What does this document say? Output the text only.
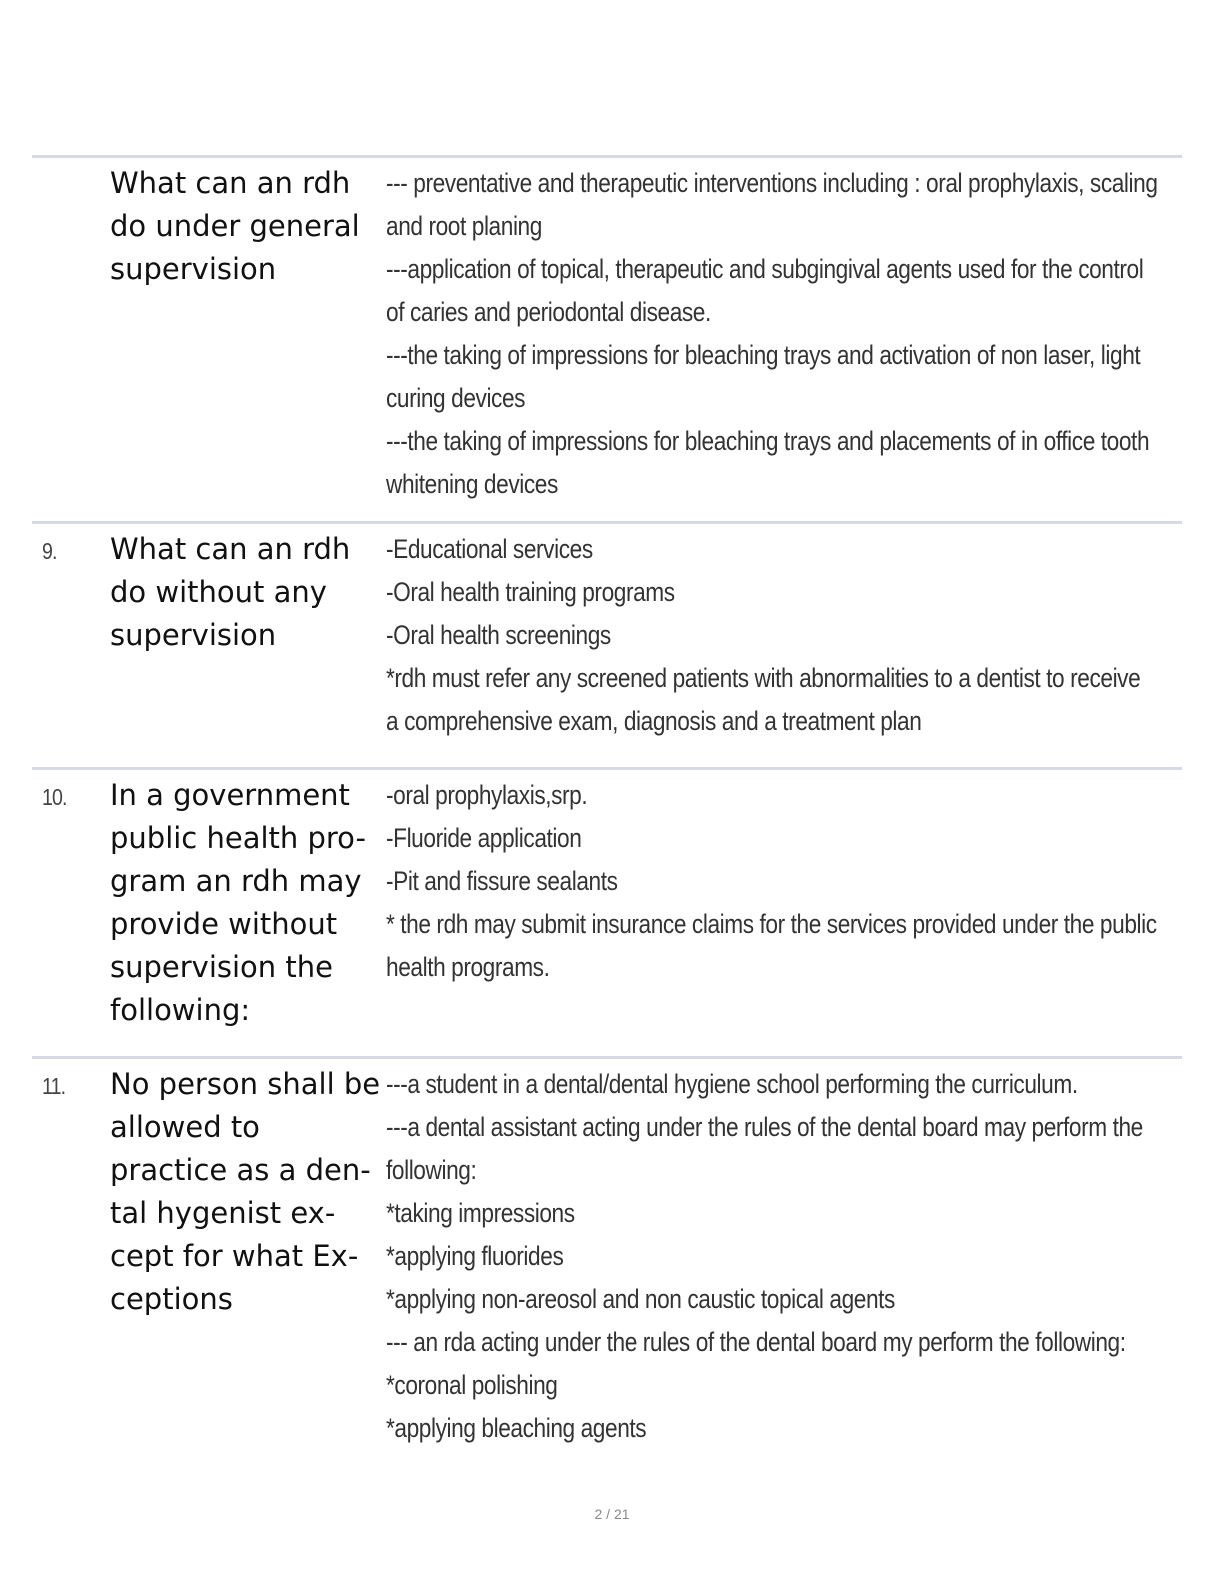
What can an rdh do under general supervision
--- preventative and therapeutic interventions including : oral prophylaxis, scaling
and root planing
---application of topical, therapeutic and subgingival agents used for the control
of caries and periodontal disease.
---the taking of impressions for bleaching trays and activation of non laser, light
curing devices
---the taking of impressions for bleaching trays and placements of in office tooth
whitening devices
9. What can an rdh do without any supervision
-Educational services
-Oral health training programs
-Oral health screenings
*rdh must refer any screened patients with abnormalities to a dentist to receive
a comprehensive exam, diagnosis and a treatment plan
10. In a government public health pro-gram an rdh may provide without supervision the following:
-oral prophylaxis,srp.
-Fluoride application
-Pit and fissure sealants
* the rdh may submit insurance claims for the services provided under the public
health programs.
11. No person shall be allowed to practice as a den-tal hygenist ex-cept for what Ex-ceptions
---a student in a dental/dental hygiene school performing the curriculum.
---a dental assistant acting under the rules of the dental board may perform the
following:
*taking impressions
*applying fluorides
*applying non-areosol and non caustic topical agents
--- an rda acting under the rules of the dental board my perform the following:
*coronal polishing
*applying bleaching agents
2 / 21
